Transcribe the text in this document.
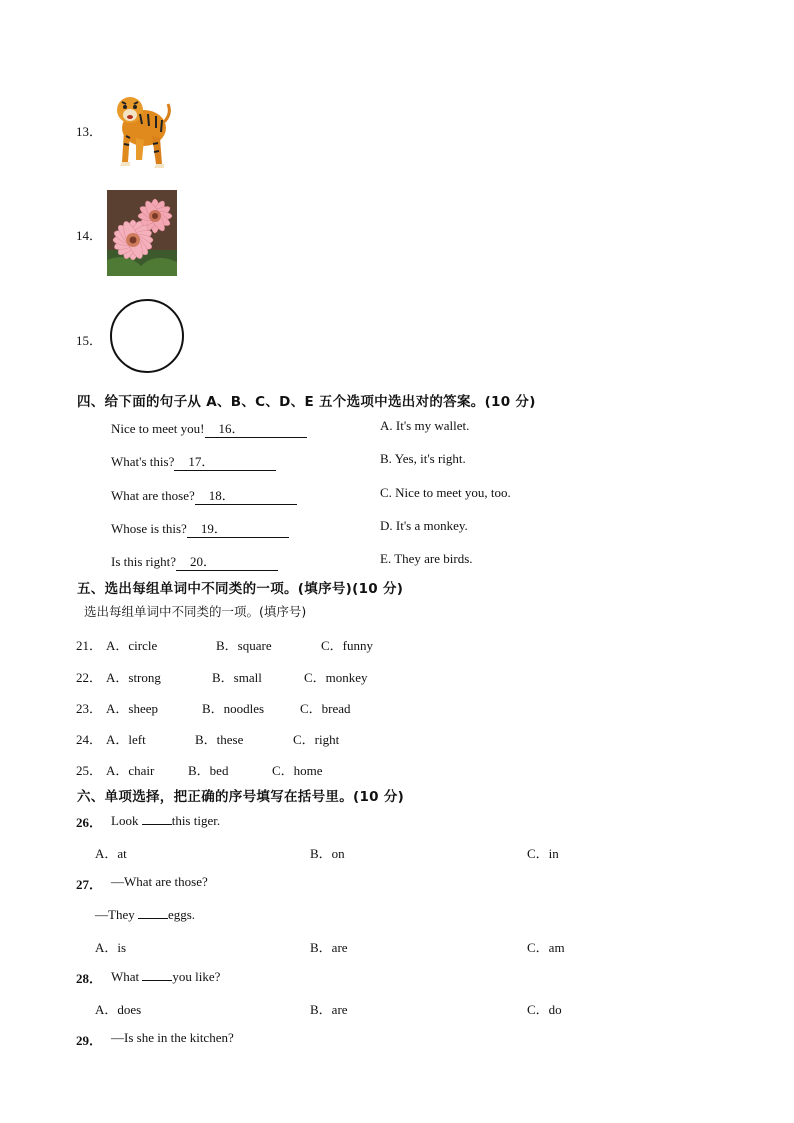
13．
14．
15．
四、给下面的句子从 A、B、C、D、E 五个选项中选出对的答案。(10 分)
Nice to meet you! 16．
What's this? 17．
What are those? 18．
Whose is this? 19．
Is this right? 20．
A. It's my wallet.
B. Yes, it's right.
C. Nice to meet you, too.
D. It's a monkey.
E. They are birds.
五、选出每组单词中不同类的一项。(填序号)(10 分)
选出每组单词中不同类的一项。(填序号)
21． A．circle	B．square	C．funny
22． A．strong	B．small	C．monkey
23． A．sheep	B．noodles	C．bread
24． A．left	B．these	C．right
25． A．chair	B．bed	C．home
六、单项选择，把正确的序号填写在括号里。(10 分)
26． Look	this tiger.
A．at	B．on	C．in
27． —What are those?
—They	eggs.
A．is	B．are	C．am
28． What	you like?
A．does	B．are	C．do
29． —Is she in the kitchen?
